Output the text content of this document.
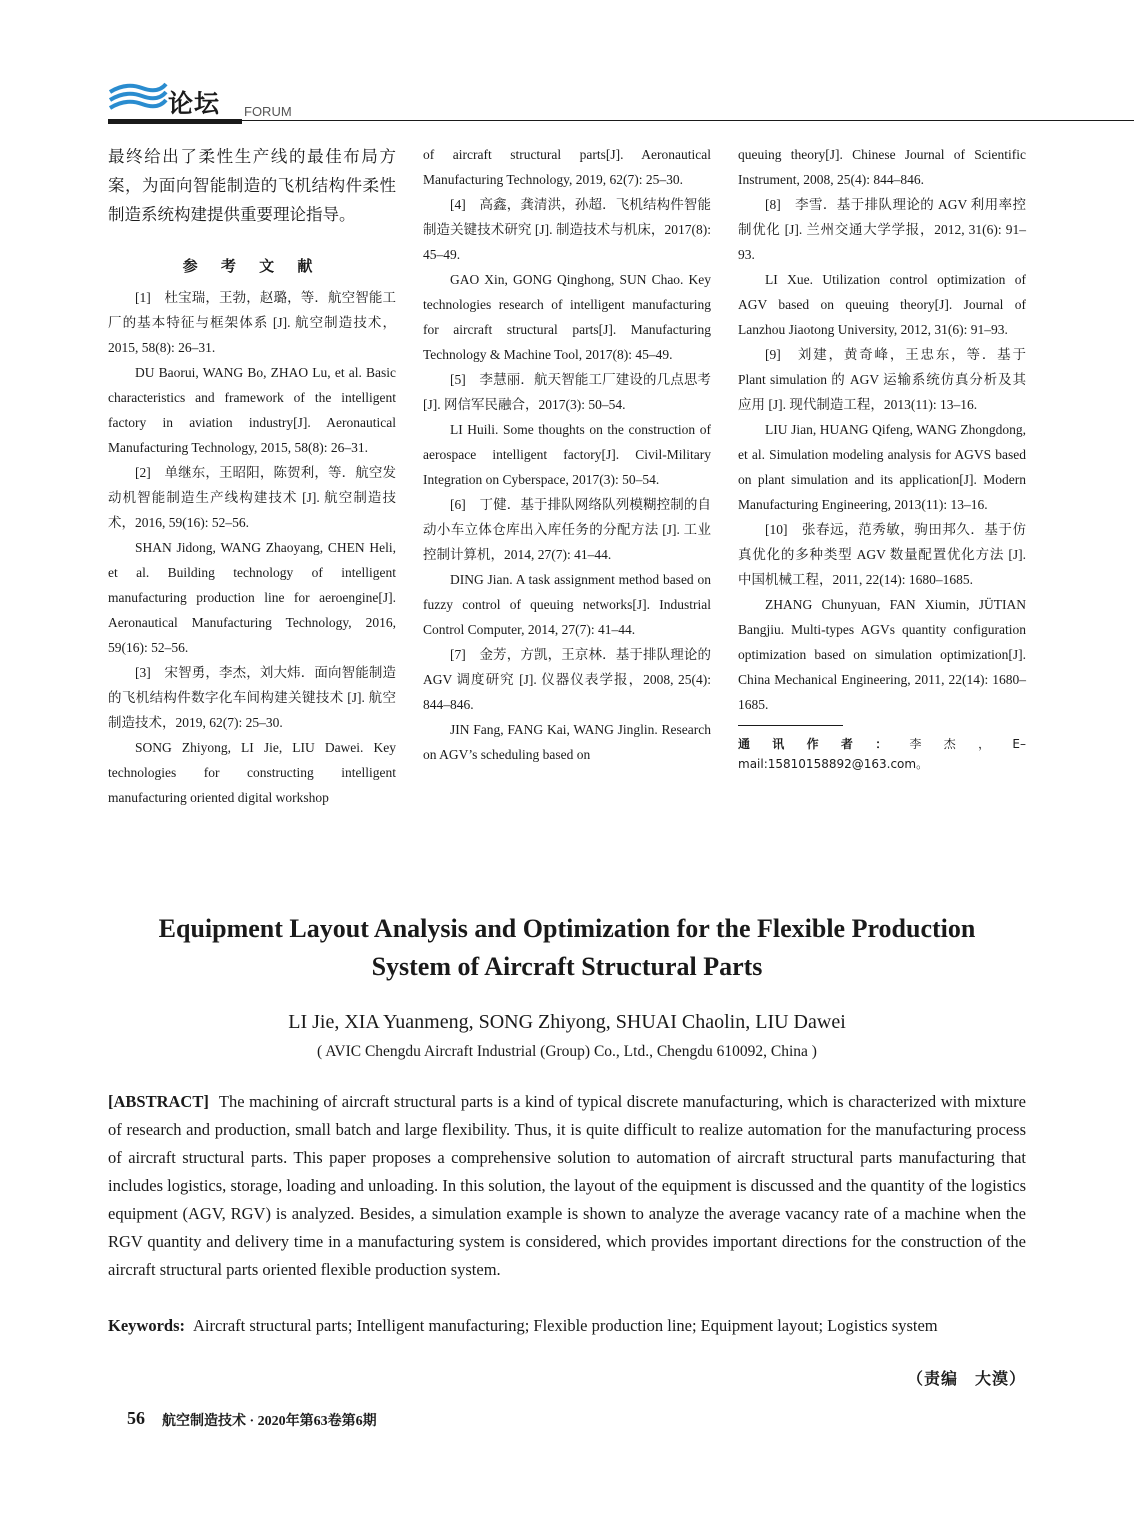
论坛 FORUM

最终给出了柔性生产线的最佳布局方案，为面向智能制造的飞机结构件柔性制造系统构建提供重要理论指导。

参 考 文 献

[1]　杜宝瑞，王勃，赵璐，等．航空智能工厂的基本特征与框架体系 [J]. 航空制造技术，2015, 58(8): 26–31.

DU Baorui, WANG Bo, ZHAO Lu, et al. Basic characteristics and framework of the intelligent factory in aviation industry[J]. Aeronautical Manufacturing Technology, 2015, 58(8): 26–31.

[2]　单继东，王昭阳，陈贺利，等．航空发动机智能制造生产线构建技术 [J]. 航空制造技术，2016, 59(16): 52–56.

SHAN Jidong, WANG Zhaoyang, CHEN Heli, et al. Building technology of intelligent manufacturing production line for aeroengine[J]. Aeronautical Manufacturing Technology, 2016, 59(16): 52–56.

[3]　宋智勇，李杰，刘大炜．面向智能制造的飞机结构件数字化车间构建关键技术 [J]. 航空制造技术，2019, 62(7): 25–30.

SONG Zhiyong, LI Jie, LIU Dawei. Key technologies for constructing intelligent manufacturing oriented digital workshop

of aircraft structural parts[J]. Aeronautical Manufacturing Technology, 2019, 62(7): 25–30.

[4]　高鑫，龚清洪，孙超．飞机结构件智能制造关键技术研究 [J]. 制造技术与机床，2017(8): 45–49.

GAO Xin, GONG Qinghong, SUN Chao. Key technologies research of intelligent manufacturing for aircraft structural parts[J]. Manufacturing Technology & Machine Tool, 2017(8): 45–49.

[5]　李慧丽．航天智能工厂建设的几点思考 [J]. 网信军民融合，2017(3): 50–54.

LI Huili. Some thoughts on the construction of aerospace intelligent factory[J]. Civil-Military Integration on Cyberspace, 2017(3): 50–54.

[6]　丁健．基于排队网络队列模糊控制的自动小车立体仓库出入库任务的分配方法 [J]. 工业控制计算机，2014, 27(7): 41–44.

DING Jian. A task assignment method based on fuzzy control of queuing networks[J]. Industrial Control Computer, 2014, 27(7): 41–44.

[7]　金芳，方凯，王京林．基于排队理论的 AGV 调度研究 [J]. 仪器仪表学报，2008, 25(4): 844–846.

JIN Fang, FANG Kai, WANG Jinglin. Research on AGV’s scheduling based on

queuing theory[J]. Chinese Journal of Scientific Instrument, 2008, 25(4): 844–846.

[8]　李雪．基于排队理论的 AGV 利用率控制优化 [J]. 兰州交通大学学报，2012, 31(6): 91–93.

LI Xue. Utilization control optimization of AGV based on queuing theory[J]. Journal of Lanzhou Jiaotong University, 2012, 31(6): 91–93.

[9]　刘建，黄奇峰，王忠东，等．基于 Plant simulation 的 AGV 运输系统仿真分析及其应用 [J]. 现代制造工程，2013(11): 13–16.

LIU Jian, HUANG Qifeng, WANG Zhongdong, et al. Simulation modeling analysis for AGVS based on plant simulation and its application[J]. Modern Manufacturing Engineering, 2013(11): 13–16.

[10]　张春远，范秀敏，驹田邦久．基于仿真优化的多种类型 AGV 数量配置优化方法 [J]. 中国机械工程，2011, 22(14): 1680–1685.

ZHANG Chunyuan, FAN Xiumin, JÜTIAN Bangjiu. Multi-types AGVs quantity configuration optimization based on simulation optimization[J]. China Mechanical Engineering, 2011, 22(14): 1680–1685.

通讯作者：李杰，E–mail:15810158892@163.com。

Equipment Layout Analysis and Optimization for the Flexible Production
System of Aircraft Structural Parts
LI Jie, XIA Yuanmeng, SONG Zhiyong, SHUAI Chaolin, LIU Dawei
( AVIC Chengdu Aircraft Industrial (Group) Co., Ltd., Chengdu 610092, China )
[ABSTRACT] The machining of aircraft structural parts is a kind of typical discrete manufacturing, which is characterized with mixture of research and production, small batch and large flexibility. Thus, it is quite difficult to realize automation for the manufacturing process of aircraft structural parts. This paper proposes a comprehensive solution to automation of aircraft structural parts manufacturing that includes logistics, storage, loading and unloading. In this solution, the layout of the equipment is discussed and the quantity of the logistics equipment (AGV, RGV) is analyzed. Besides, a simulation example is shown to analyze the average vacancy rate of a machine when the RGV quantity and delivery time in a manufacturing system is considered, which provides important directions for the construction of the aircraft structural parts oriented flexible production system.
Keywords: Aircraft structural parts; Intelligent manufacturing; Flexible production line; Equipment layout; Logistics system
（责编　大漠）
56 航空制造技术 · 2020年第63卷第6期
